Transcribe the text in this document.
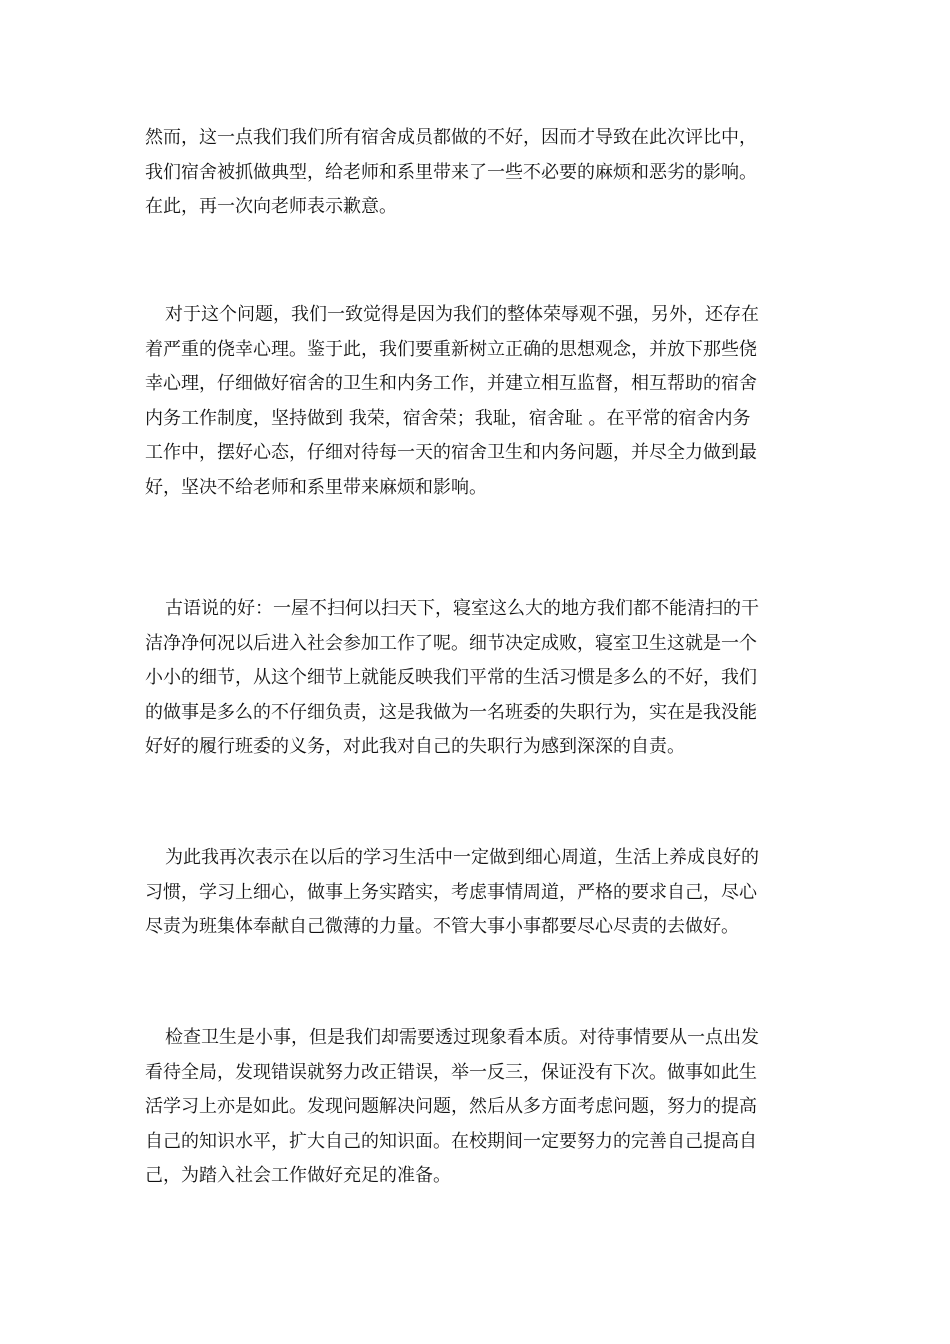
然而，这一点我们我们所有宿舍成员都做的不好，因而才导致在此次评比中，
我们宿舍被抓做典型，给老师和系里带来了一些不必要的麻烦和恶劣的影响。
在此，再一次向老师表示歉意。

对于这个问题，我们一致觉得是因为我们的整体荣辱观不强，另外，还存在
着严重的侥幸心理。鉴于此，我们要重新树立正确的思想观念，并放下那些侥
幸心理，仔细做好宿舍的卫生和内务工作，并建立相互监督，相互帮助的宿舍
内务工作制度，坚持做到 我荣，宿舍荣；我耻，宿舍耻 。在平常的宿舍内务
工作中，摆好心态，仔细对待每一天的宿舍卫生和内务问题，并尽全力做到最
好，坚决不给老师和系里带来麻烦和影响。

古语说的好：一屋不扫何以扫天下，寝室这么大的地方我们都不能清扫的干
洁净净何况以后进入社会参加工作了呢。细节决定成败，寝室卫生这就是一个
小小的细节，从这个细节上就能反映我们平常的生活习惯是多么的不好，我们
的做事是多么的不仔细负责，这是我做为一名班委的失职行为，实在是我没能
好好的履行班委的义务，对此我对自己的失职行为感到深深的自责。

为此我再次表示在以后的学习生活中一定做到细心周道，生活上养成良好的
习惯，学习上细心，做事上务实踏实，考虑事情周道，严格的要求自己，尽心
尽责为班集体奉献自己微薄的力量。不管大事小事都要尽心尽责的去做好。

检查卫生是小事，但是我们却需要透过现象看本质。对待事情要从一点出发
看待全局，发现错误就努力改正错误，举一反三，保证没有下次。做事如此生
活学习上亦是如此。发现问题解决问题，然后从多方面考虑问题，努力的提高
自己的知识水平，扩大自己的知识面。在校期间一定要努力的完善自己提高自
己，为踏入社会工作做好充足的准备。
